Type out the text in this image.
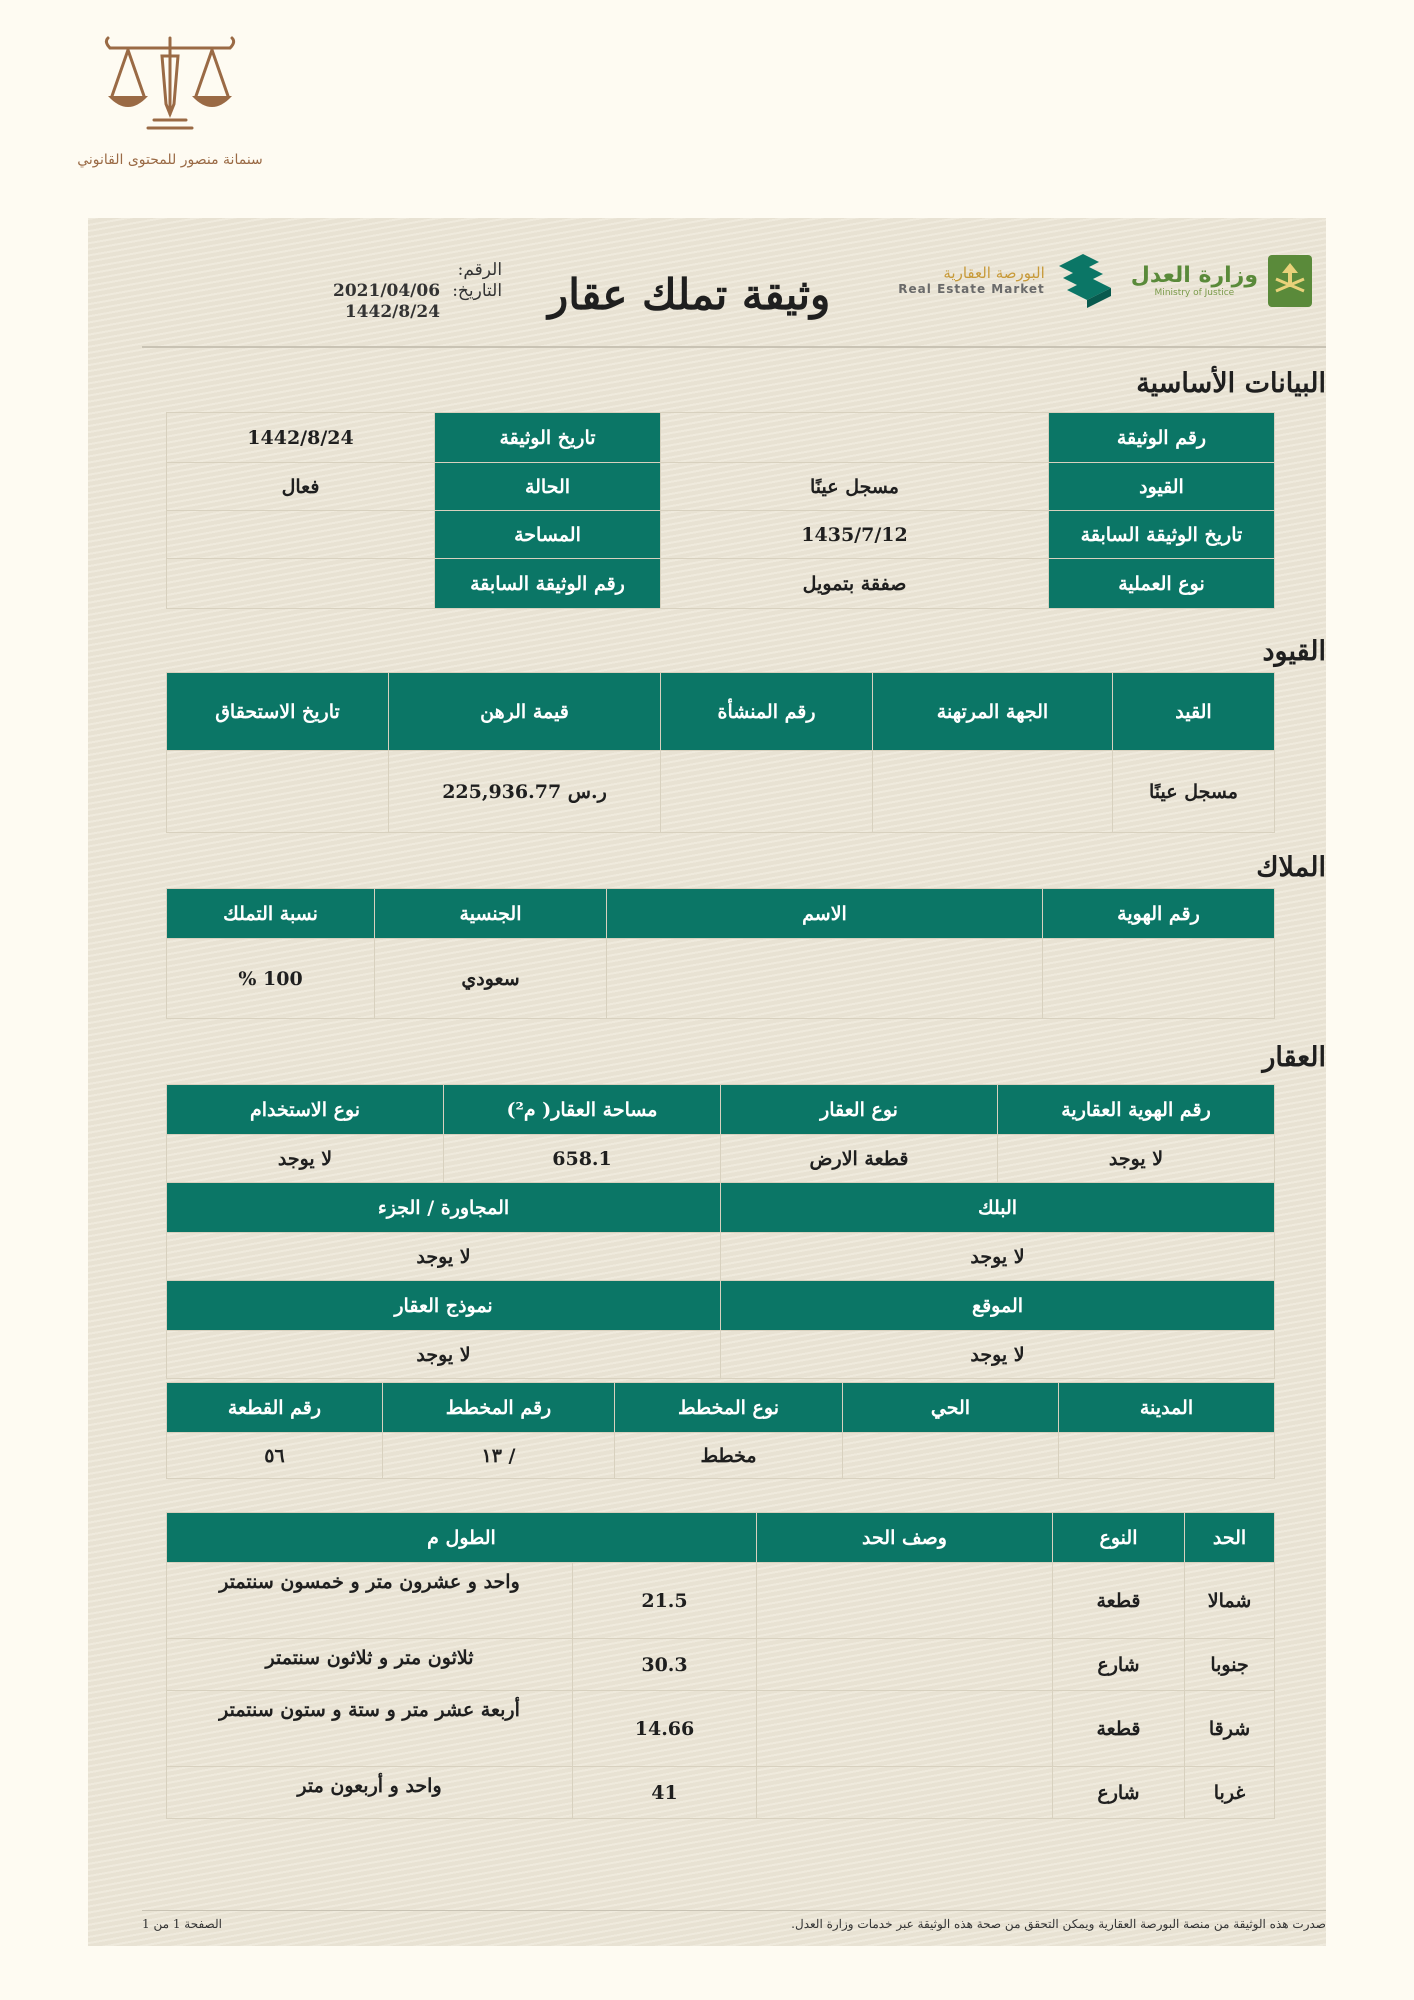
سنمانة منصور للمحتوى القانوني
وزارة العدل
Ministry of Justice
البورصة العقارية
Real Estate Market
وثيقة تملك عقار
الرقم:
التاريخ:
2021/04/06
1442/8/24
البيانات الأساسية
رقم الوثيقة		تاريخ الوثيقة	1442/8/24
القيود	مسجل عينًا	الحالة	فعال
تاريخ الوثيقة السابقة	1435/7/12	المساحة	
نوع العملية	صفقة بتمويل	رقم الوثيقة السابقة	
القيود
القيد	الجهة المرتهنة	رقم المنشأة	قيمة الرهن	تاريخ الاستحقاق
مسجل عينًا			ر.س 225,936.77	
الملاك
رقم الهوية	الاسم	الجنسية	نسبة التملك
		سعودي	100 %
العقار
رقم الهوية العقارية	نوع العقار	مساحة العقار( م²)	نوع الاستخدام
لا يوجد	قطعة الارض	658.1	لا يوجد
البلك		المجاورة / الجزء	
لا يوجد		لا يوجد	
الموقع		نموذج العقار	
لا يوجد		لا يوجد	
المدينة	الحي	نوع المخطط	رقم المخطط	رقم القطعة
		مخطط	/ ١٣	٥٦
الحد	النوع	وصف الحد	الطول م	
شمالا	قطعة		21.5	واحد و عشرون متر و خمسون سنتمتر
جنوبا	شارع		30.3	ثلاثون متر و ثلاثون سنتمتر
شرقا	قطعة		14.66	أربعة عشر متر و ستة و ستون سنتمتر
غربا	شارع		41	واحد و أربعون متر
صدرت هذه الوثيقة من منصة البورصة العقارية ويمكن التحقق من صحة هذه الوثيقة عبر خدمات وزارة العدل.
الصفحة 1 من 1
